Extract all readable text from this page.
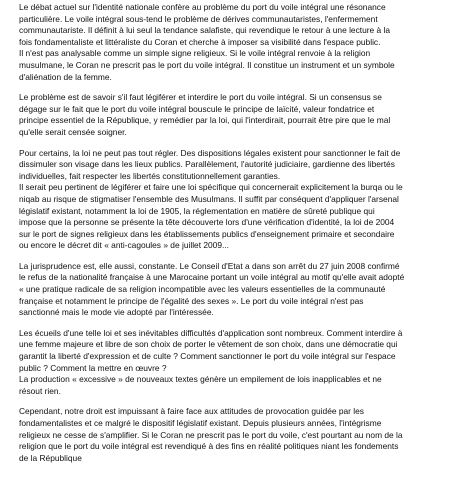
Le débat actuel sur l'identité nationale confère au problème du port du voile intégral une résonance
particulière. Le voile intégral sous-tend le problème de dérives communautaristes, l'enfermement
communautariste. Il définit à lui seul la tendance salafiste, qui revendique le retour à une lecture à la
fois fondamentaliste et littéraliste du Coran et cherche à imposer sa visibilité dans l'espace public.
Il n'est pas analysable comme un simple signe religieux. Si le voile intégral renvoie à la religion
musulmane, le Coran ne prescrit pas le port du voile intégral. Il constitue un instrument et un symbole
d'aliénation de la femme.
Le problème est de savoir s'il faut légiférer et interdire le port du voile intégral. Si un consensus se
dégage sur le fait que le port du voile intégral bouscule le principe de laïcité, valeur fondatrice et
principe essentiel de la République, y remédier par la loi, qui l'interdirait, pourrait être pire que le mal
qu'elle serait censée soigner.
Pour certains, la loi ne peut pas tout régler. Des dispositions légales existent pour sanctionner le fait de
dissimuler son visage dans les lieux publics. Parallèlement, l'autorité judiciaire, gardienne des libertés
individuelles, fait respecter les libertés constitutionnellement garanties.
Il serait peu pertinent de légiférer et faire une loi spécifique qui concernerait explicitement la burqa ou le
niqab au risque de stigmatiser l'ensemble des Musulmans. Il suffit par conséquent d'appliquer l'arsenal
législatif existant, notamment la loi de 1905, la réglementation en matière de sûreté publique qui
impose que la personne se présente la tête découverte lors d'une vérification d'identité, la loi de 2004
sur le port de signes religieux dans les établissements publics d'enseignement primaire et secondaire
ou encore le décret dit « anti-cagoules » de juillet 2009...
La jurisprudence est, elle aussi, constante. Le Conseil d'Etat a dans son arrêt du 27 juin 2008 confirmé
le refus de la nationalité française à une Marocaine portant un voile intégral au motif qu'elle avait adopté
« une pratique radicale de sa religion incompatible avec les valeurs essentielles de la communauté
française et notamment le principe de l'égalité des sexes ». Le port du voile intégral n'est pas
sanctionné mais le mode vie adopté par l'intéressée.
Les écueils d'une telle loi et ses inévitables difficultés d'application sont nombreux. Comment interdire à
une femme majeure et libre de son choix de porter le vêtement de son choix, dans une démocratie qui
garantit la liberté d'expression et de culte ? Comment sanctionner le port du voile intégral sur l'espace
public ? Comment la mettre en œuvre ?
La production « excessive » de nouveaux textes génère un empilement de lois inapplicables et ne
résout rien.
Cependant, notre droit est impuissant à faire face aux attitudes de provocation guidée par les
fondamentalistes et ce malgré le dispositif législatif existant. Depuis plusieurs années, l'intégrisme
religieux ne cesse de s'amplifier. Si le Coran ne prescrit pas le port du voile, c'est pourtant au nom de la
religion que le port du voile intégral est revendiqué à des fins en réalité politiques niant les fondements
de la République
